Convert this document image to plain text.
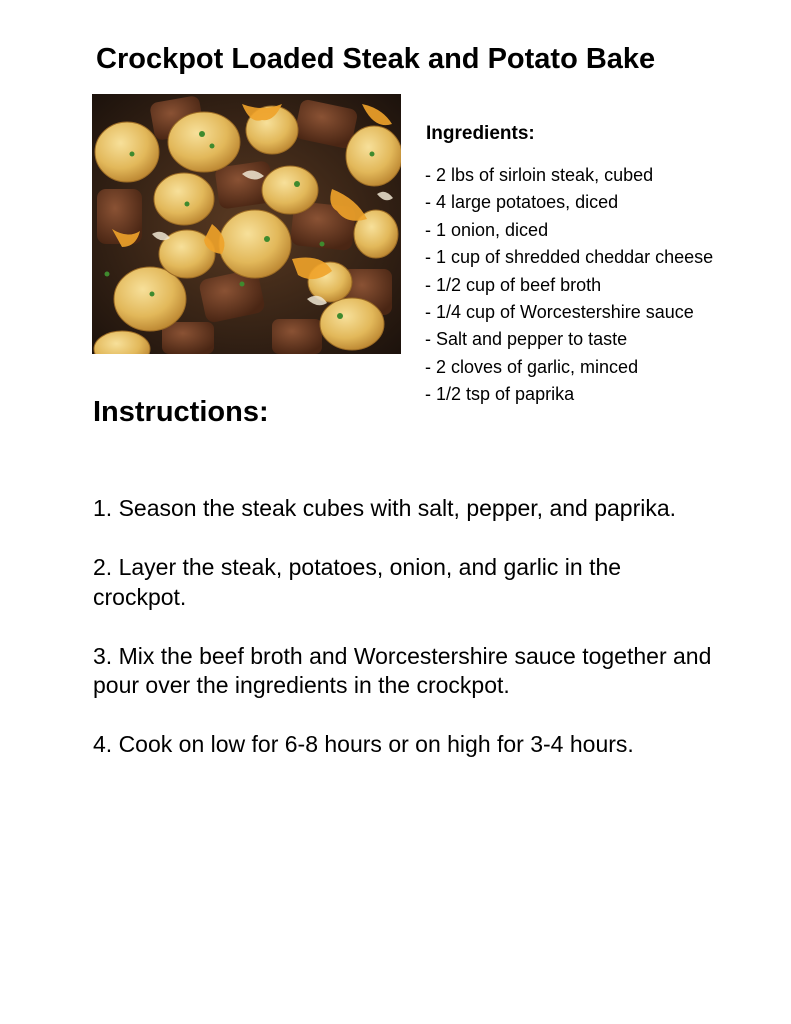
Crockpot Loaded Steak and Potato Bake
Ingredients:
- 2 lbs of sirloin steak, cubed
- 4 large potatoes, diced
- 1 onion, diced
- 1 cup of shredded cheddar cheese
- 1/2 cup of beef broth
- 1/4 cup of Worcestershire sauce
- Salt and pepper to taste
- 2 cloves of garlic, minced
- 1/2 tsp of paprika
Instructions:
1. Season the steak cubes with salt, pepper, and paprika.
2. Layer the steak, potatoes, onion, and garlic in the crockpot.
3. Mix the beef broth and Worcestershire sauce together and pour over the ingredients in the crockpot.
4. Cook on low for 6-8 hours or on high for 3-4 hours.
